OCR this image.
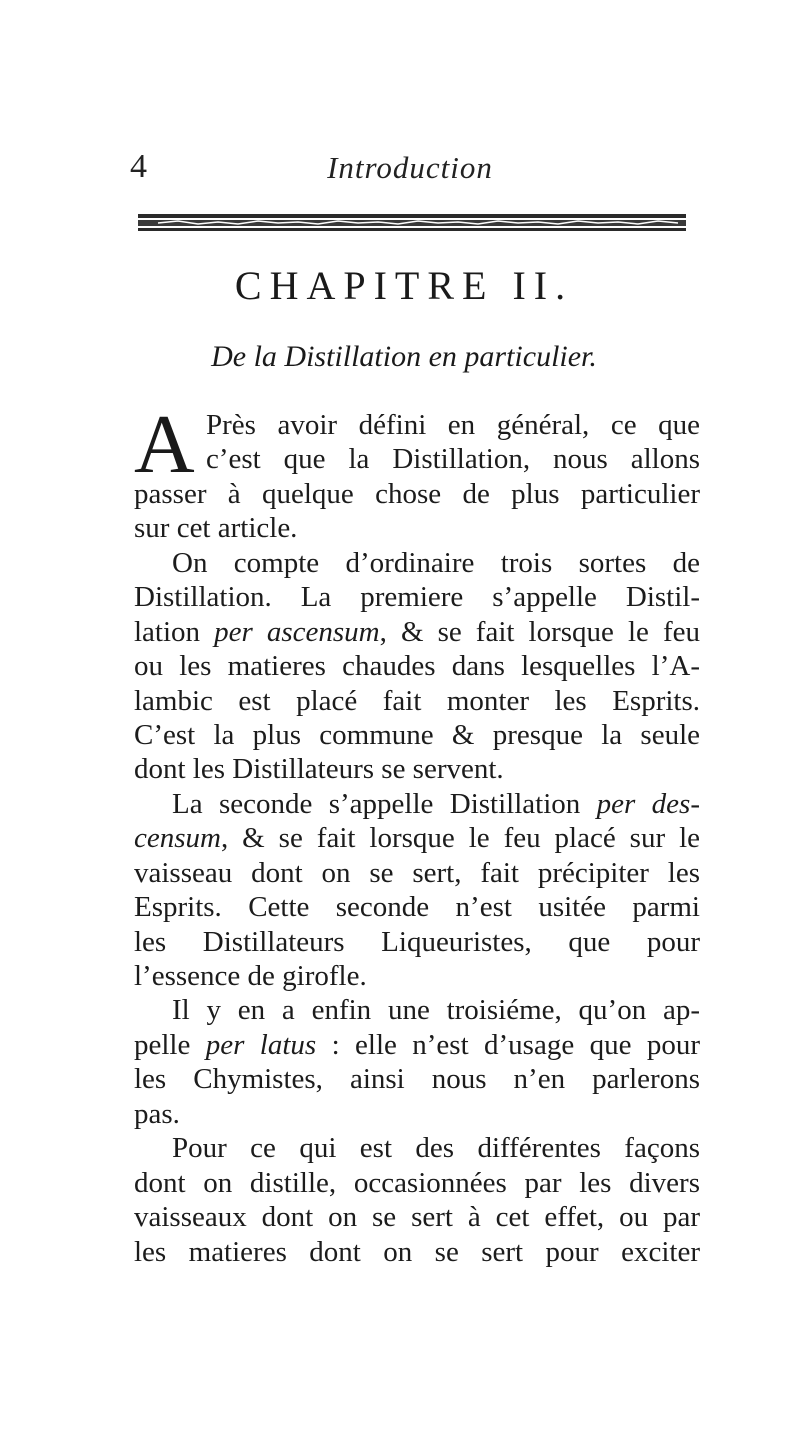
4	Introduction
CHAPITRE II.
De la Distillation en particulier.
A Près avoir défini en général, ce que
c’est que la Distillation, nous allons
passer à quelque chose de plus particulier
sur cet article.
On compte d’ordinaire trois sortes de
Distillation. La premiere s’appelle Distil-
lation per ascensum, & se fait lorsque le feu
ou les matieres chaudes dans lesquelles l’A-
lambic est placé fait monter les Esprits.
C’est la plus commune & presque la seule
dont les Distillateurs se servent.
La seconde s’appelle Distillation per des-
censum, & se fait lorsque le feu placé sur le
vaisseau dont on se sert, fait précipiter les
Esprits. Cette seconde n’est usitée parmi
les Distillateurs Liqueuristes, que pour
l’essence de girofle.
Il y en a enfin une troisiéme, qu’on ap-
pelle per latus : elle n’est d’usage que pour
les Chymistes, ainsi nous n’en parlerons
pas.
Pour ce qui est des différentes façons
dont on distille, occasionnées par les divers
vaisseaux dont on se sert à cet effet, ou par
les matieres dont on se sert pour exciter
